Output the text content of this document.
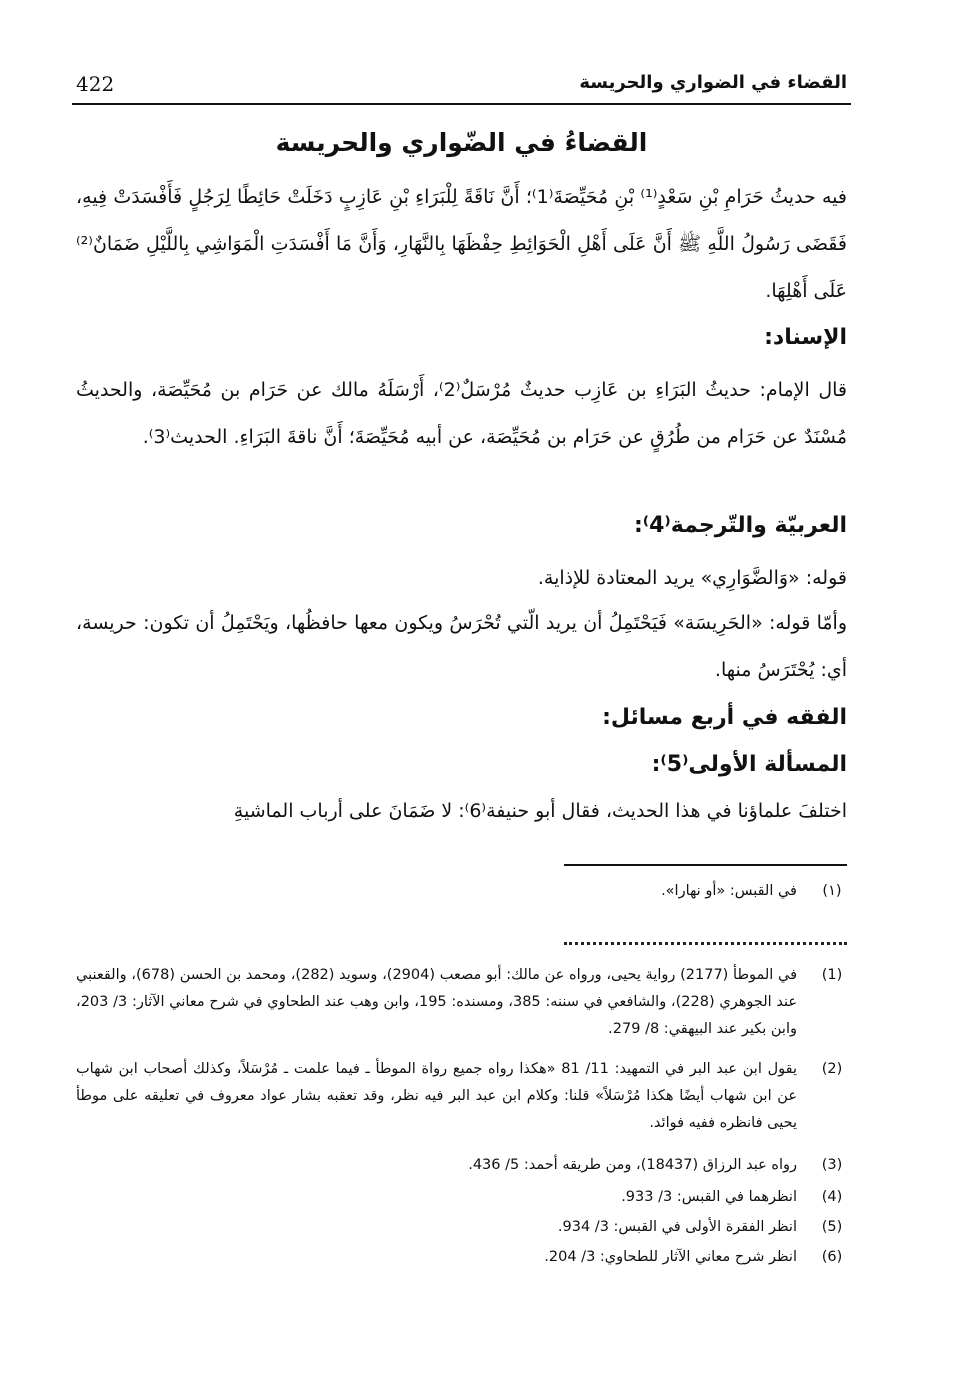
422	القضاء في الضواري والحريسة
القضاءُ في الضّواري والحريسة
فيه حديثُ حَرَامِ بْنِ سَعْدٍ⁽¹⁾ بْنِ مُحَيِّصَةَ⁽1⁾؛ أَنَّ نَاقَةً لِلْبَرَاءِ بْنِ عَازِبٍ دَخَلَتْ حَائِطًا لِرَجُلٍ فَأَفْسَدَتْ فِيهِ، فَقَضَى رَسُولُ اللَّهِ ﷺ أَنَّ عَلَى أَهْلِ الْحَوَائِطِ حِفْظَهَا بِالنَّهَارِ، وَأَنَّ مَا أَفْسَدَتِ الْمَوَاشِي بِاللَّيْلِ ضَمَانٌ⁽²⁾ عَلَى أَهْلِهَا.
الإسناد:
قال الإمام: حديثُ البَرَاءِ بن عَازِب حديثٌ مُرْسَلٌ⁽2⁾، أَرْسَلَهُ مالك عن حَرَام بن مُحَيِّصَة، والحديثُ مُسْنَدٌ عن حَرَام من طُرُقٍ عن حَرَام بن مُحَيِّصَة، عن أبيه مُحَيِّصَةَ؛ أَنَّ ناقةَ البَرَاءِ. الحديث⁽3⁾.
العربيّة والتّرجمة⁽4⁾:
قوله: «وَالضَّوَارِي» يريد المعتادة للإذاية.
وأمّا قوله: «الحَرِيسَة» فَيَحْتَمِلُ أن يريد الّتي تُحْرَسُ ويكون معها حافظُها، ويَحْتَمِلُ أن تكون: حريسة، أي: يُحْتَرَسُ منها.
الفقه في أربع مسائل:
المسألة الأولى⁽5⁾:
اختلفَ علماؤنا في هذا الحديث، فقال أبو حنيفة⁽6⁾: لا ضَمَانَ على أرباب الماشيةِ
(١)
في القبس: «أو نهارا».
(1)
في الموطأ (2177) رواية يحيى، ورواه عن مالك: أبو مصعب (2904)، وسويد (282)، ومحمد بن الحسن (678)، والقعنبي عند الجوهري (228)، والشافعي في سننه: 385، ومسنده: 195، وابن وهب عند الطحاوي في شرح معاني الآثار: 3/ 203، وابن بكير عند البيهقي: 8/ 279.
(2)
يقول ابن عبد البر في التمهيد: 11/ 81 «هكذا رواه جميع رواة الموطأ ـ فيما علمت ـ مُرْسَلاً، وكذلك أصحاب ابن شهاب عن ابن شهاب أيضًا هكذا مُرْسَلاً» قلنا: وكلام ابن عبد البر فيه نظر، وقد تعقبه بشار عواد معروف في تعليقه على موطأ يحيى فانظره ففيه فوائد.
(3)
رواه عبد الرزاق (18437)، ومن طريقه أحمد: 5/ 436.
(4)
انظرهما في القبس: 3/ 933.
(5)
انظر الفقرة الأولى في القبس: 3/ 934.
(6)
انظر شرح معاني الآثار للطحاوي: 3/ 204.
